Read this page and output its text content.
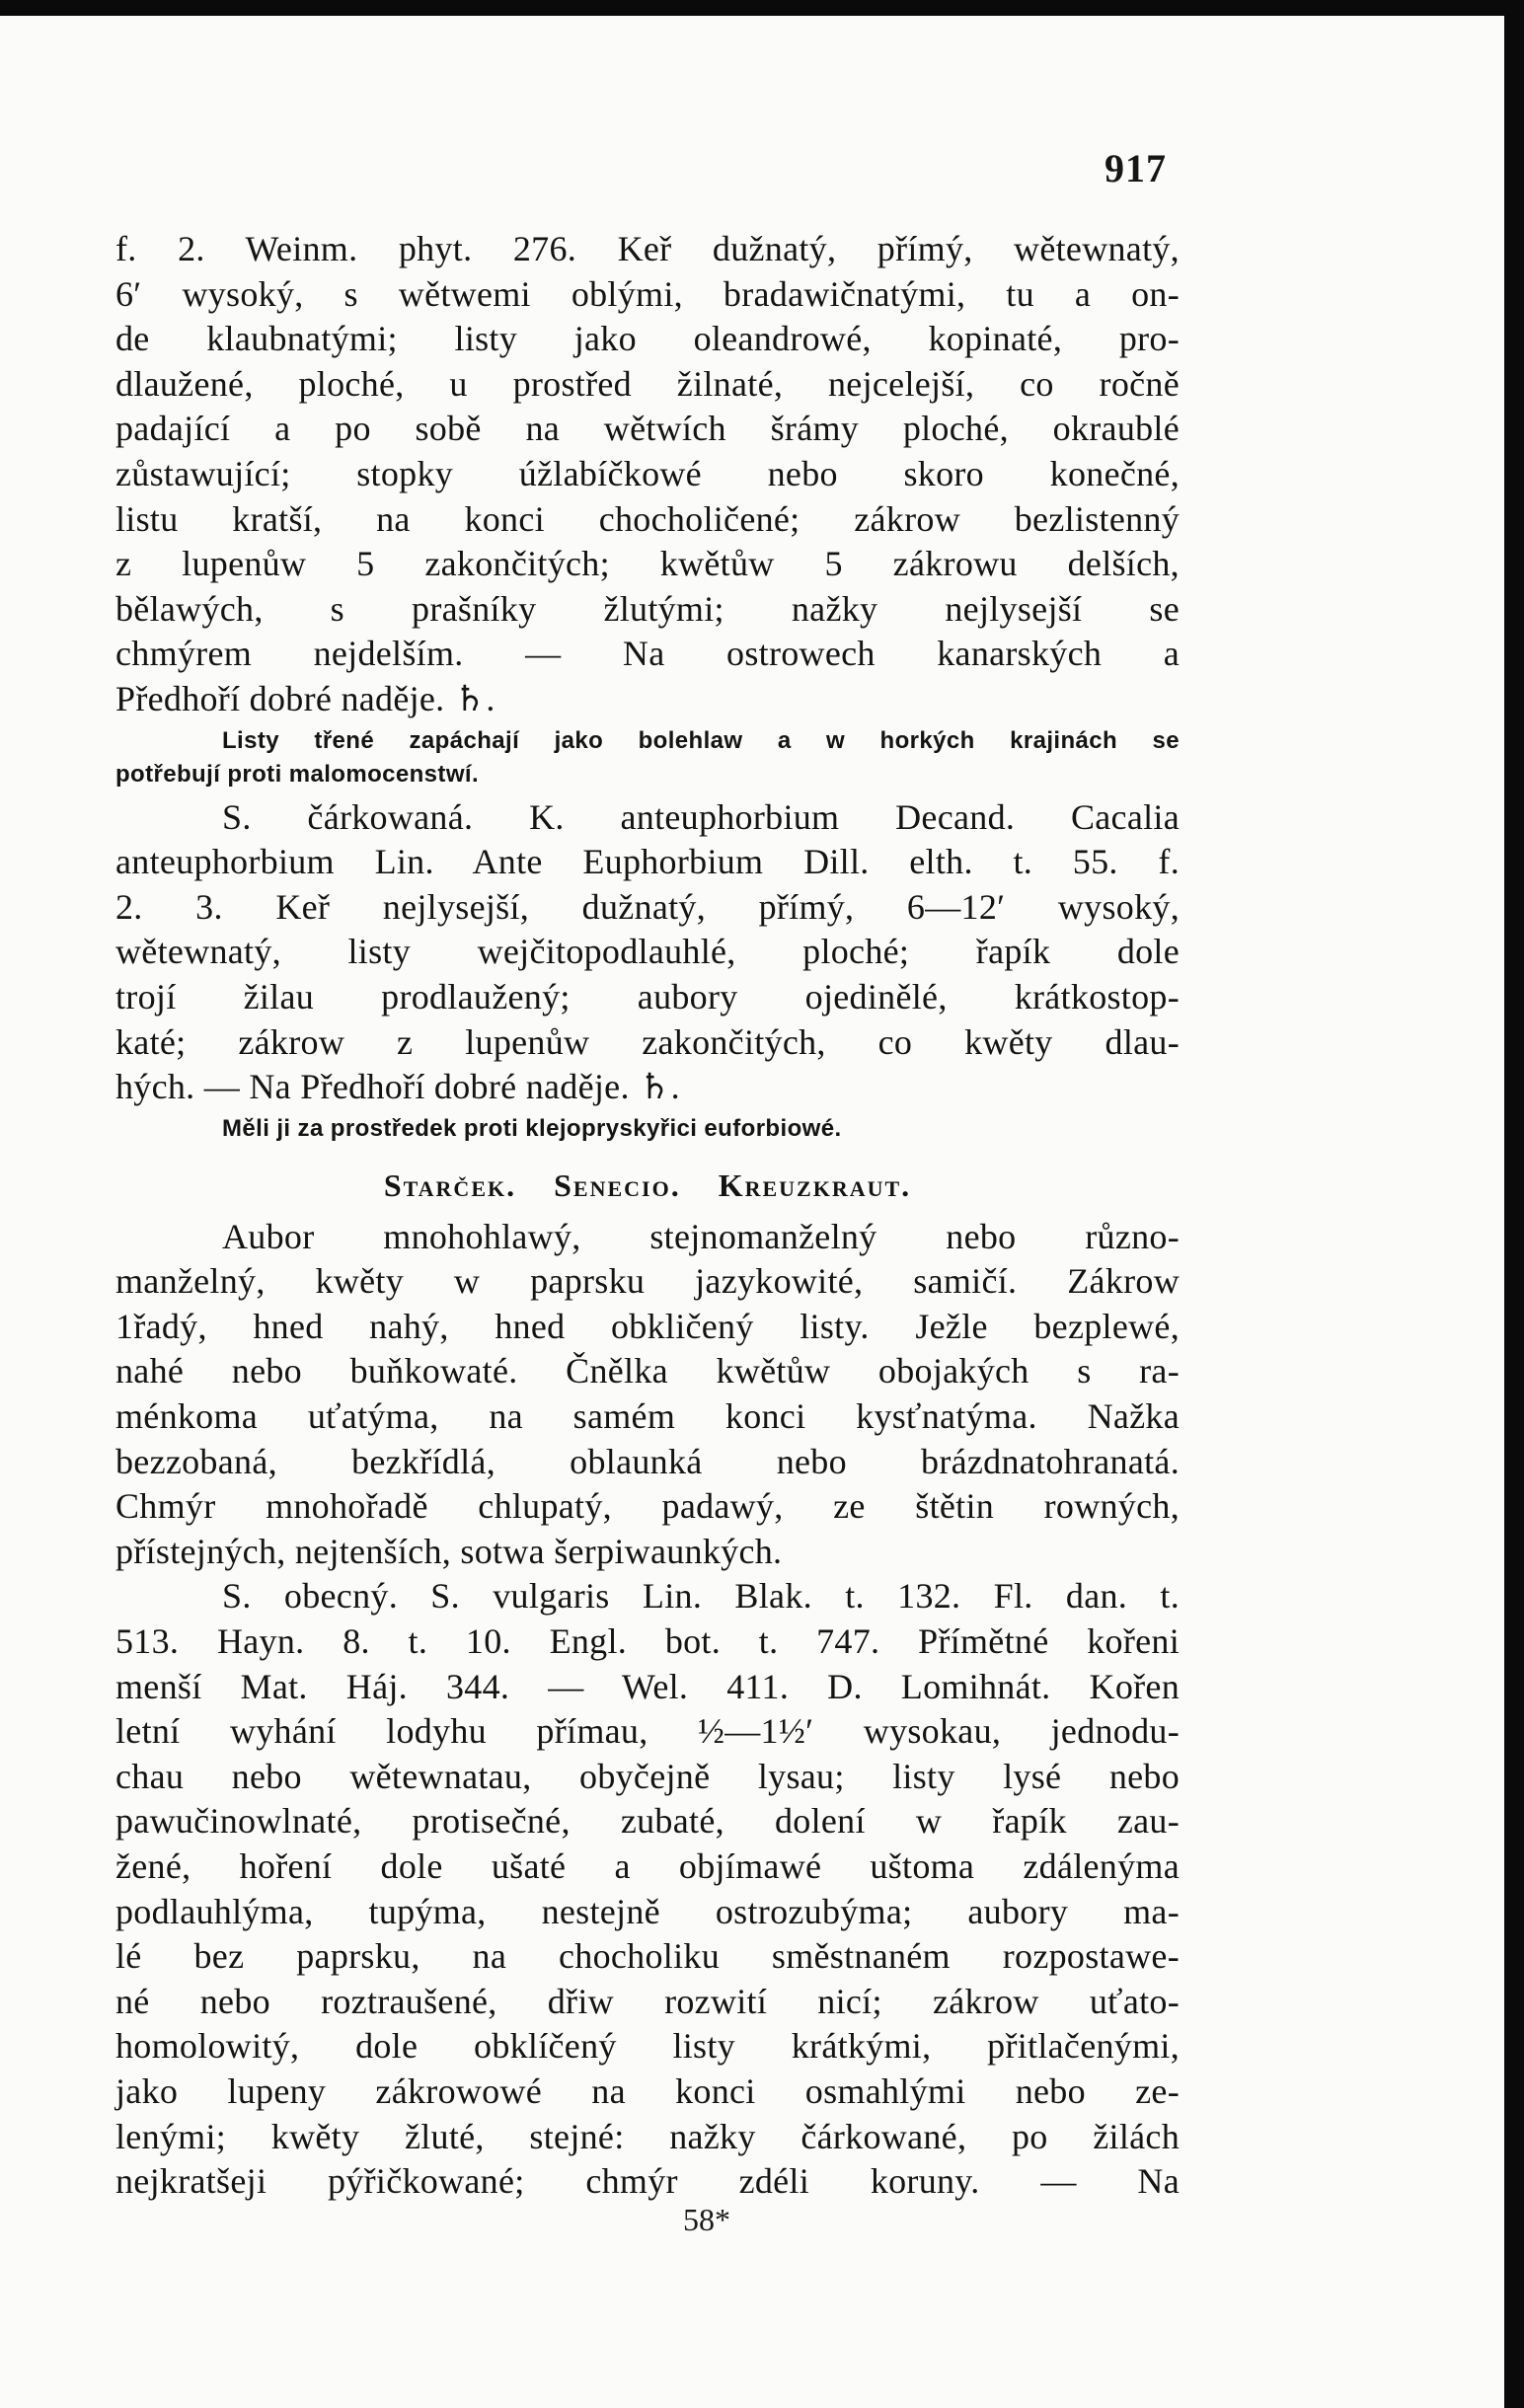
917
f. 2. Weinm. phyt. 276. Keř dužnatý, přímý, wětewnatý,
6′ wysoký, s wětwemi oblými, bradawičnatými, tu a on-
de klaubnatými; listy jako oleandrowé, kopinaté, pro-
dlaužené, ploché, u prostřed žilnaté, nejcelejší, co ročně
padající a po sobě na wětwích šrámy ploché, okraublé
zůstawující; stopky úžlabíčkowé nebo skoro konečné,
listu kratší, na konci chocholičené; zákrow bezlistenný
z lupenůw 5 zakončitých; kwětůw 5 zákrowu delších,
bělawých, s prašníky žlutými; nažky nejlysejší se
chmýrem nejdelším. — Na ostrowech kanarských a
Předhoří dobré naděje. ♄.
Listy třené zapáchají jako bolehlaw a w horkých krajinách se
potřebují proti malomocenstwí.
S. čárkowaná. K. anteuphorbium Decand. Cacalia
anteuphorbium Lin. Ante Euphorbium Dill. elth. t. 55. f.
2. 3. Keř nejlysejší, dužnatý, přímý, 6—12′ wysoký,
wětewnatý, listy wejčitopodlauhlé, ploché; řapík dole
trojí žilau prodlaužený; aubory ojedinělé, krátkostop-
katé; zákrow z lupenůw zakončitých, co kwěty dlau-
hých. — Na Předhoří dobré naděje. ♄.
Měli ji za prostředek proti klejopryskyřici euforbiowé.
Starček. Senecio. Kreuzkraut.
Aubor mnohohlawý, stejnomanželný nebo různo-
manželný, kwěty w paprsku jazykowité, samičí. Zákrow
1řadý, hned nahý, hned obkličený listy. Ježle bezplewé,
nahé nebo buňkowaté. Čnělka kwětůw obojakých s ra-
ménkoma uťatýma, na samém konci kysťnatýma. Nažka
bezzobaná, bezkřídlá, oblaunká nebo brázdnatohranatá.
Chmýr mnohořadě chlupatý, padawý, ze štětin rowných,
přístejných, nejtenších, sotwa šerpiwaunkých.
S. obecný. S. vulgaris Lin. Blak. t. 132. Fl. dan. t.
513. Hayn. 8. t. 10. Engl. bot. t. 747. Přímětné kořeni
menší Mat. Háj. 344. — Wel. 411. D. Lomihnát. Kořen
letní wyhání lodyhu přímau, ½—1½′ wysokau, jednodu-
chau nebo wětewnatau, obyčejně lysau; listy lysé nebo
pawučinowlnaté, protisečné, zubaté, dolení w řapík zau-
žené, hoření dole ušaté a objímawé uštoma zdálenýma
podlauhlýma, tupýma, nestejně ostrozubýma; aubory ma-
lé bez paprsku, na chocholiku směstnaném rozpostawe-
né nebo roztraušené, dřiw rozwití nicí; zákrow uťato-
homolowitý, dole obklíčený listy krátkými, přitlačenými,
jako lupeny zákrowowé na konci osmahlými nebo ze-
lenými; kwěty žluté, stejné: nažky čárkowané, po žilách
nejkratšeji pýřičkowané; chmýr zdéli koruny. — Na
58*
